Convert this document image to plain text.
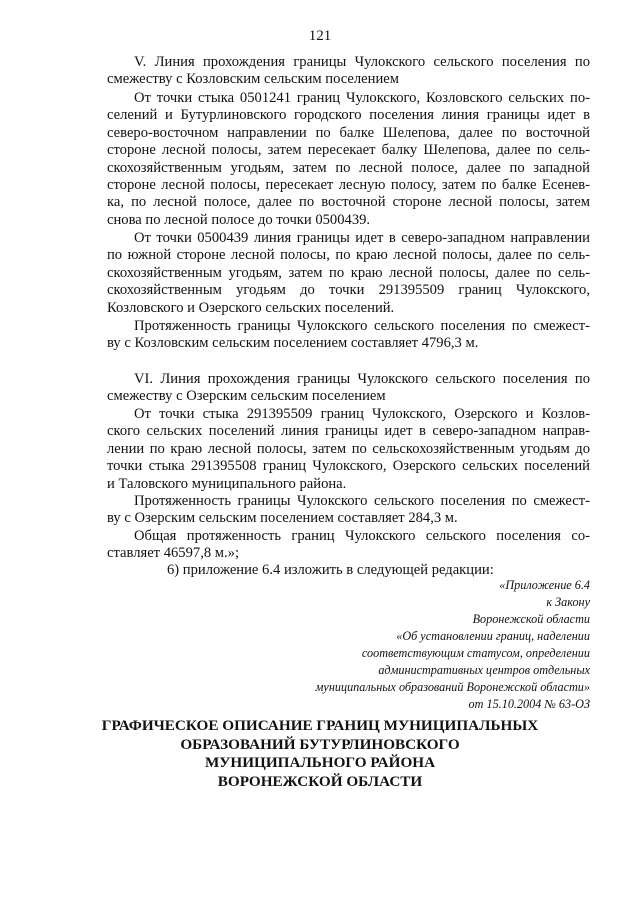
121
V. Линия прохождения границы Чулокского сельского поселения по
смежеству с Козловским сельским поселением
От точки стыка 0501241 границ Чулокского, Козловского сельских по-
селений и Бутурлиновского городского поселения линия границы идет в
северо-восточном направлении по балке Шелепова, далее по восточной
стороне лесной полосы, затем пересекает балку Шелепова, далее по сель-
скохозяйственным угодьям, затем по лесной полосе, далее по западной
стороне лесной полосы, пересекает лесную полосу, затем по балке Есенев-
ка, по лесной полосе, далее по восточной стороне лесной полосы, затем
снова по лесной полосе до точки 0500439.
От точки 0500439 линия границы идет в северо-западном направлении
по южной стороне лесной полосы, по краю лесной полосы, далее по сель-
скохозяйственным угодьям, затем по краю лесной полосы, далее по сель-
скохозяйственным угодьям до точки 291395509 границ Чулокского,
Козловского и Озерского сельских поселений.
Протяженность границы Чулокского сельского поселения по смежест-
ву с Козловским сельским поселением составляет 4796,3 м.
VI. Линия прохождения границы Чулокского сельского поселения по
смежеству с Озерским сельским поселением
От точки стыка 291395509 границ Чулокского, Озерского и Козлов-
ского сельских поселений линия границы идет в северо-западном направ-
лении по краю лесной полосы, затем по сельскохозяйственным угодьям до
точки стыка 291395508 границ Чулокского, Озерского сельских поселений
и Таловского муниципального района.
Протяженность границы Чулокского сельского поселения по смежест-
ву с Озерским сельским поселением составляет 284,3 м.
Общая протяженность границ Чулокского сельского поселения со-
ставляет 46597,8 м.»;
6) приложение 6.4 изложить в следующей редакции:
«Приложение 6.4
к Закону
Воронежской области
«Об установлении границ, наделении
соответствующим статусом, определении
административных центров отдельных
муниципальных образований Воронежской области»
от 15.10.2004 № 63-ОЗ
ГРАФИЧЕСКОЕ ОПИСАНИЕ ГРАНИЦ МУНИЦИПАЛЬНЫХ
ОБРАЗОВАНИЙ БУТУРЛИНОВСКОГО
МУНИЦИПАЛЬНОГО РАЙОНА
ВОРОНЕЖСКОЙ ОБЛАСТИ
